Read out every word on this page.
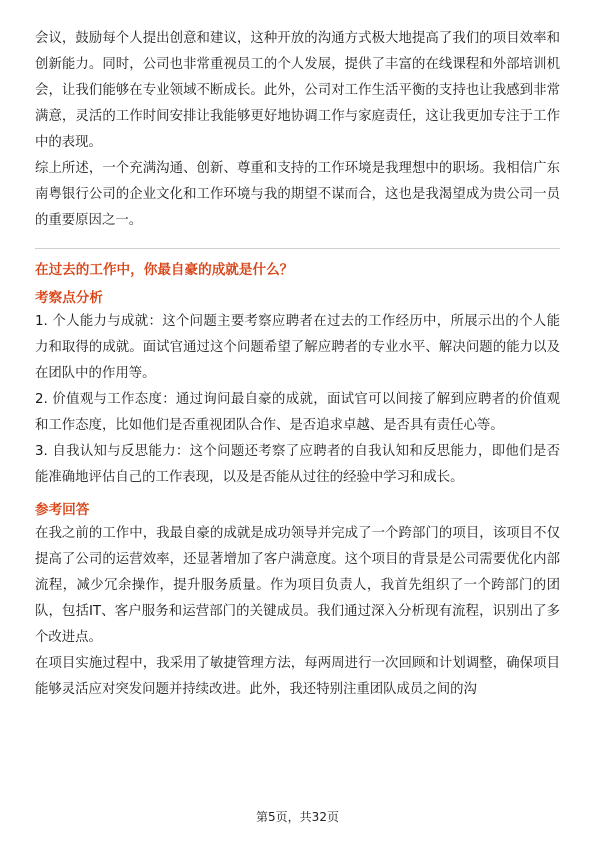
会议，鼓励每个人提出创意和建议，这种开放的沟通方式极大地提高了我们的项目效率和创新能力。同时，公司也非常重视员工的个人发展，提供了丰富的在线课程和外部培训机会，让我们能够在专业领域不断成长。此外，公司对工作生活平衡的支持也让我感到非常满意，灵活的工作时间安排让我能够更好地协调工作与家庭责任，这让我更加专注于工作中的表现。

综上所述，一个充满沟通、创新、尊重和支持的工作环境是我理想中的职场。我相信广东南粤银行公司的企业文化和工作环境与我的期望不谋而合，这也是我渴望成为贵公司一员的重要原因之一。

在过去的工作中，你最自豪的成就是什么？

考察点分析

1. 个人能力与成就：这个问题主要考察应聘者在过去的工作经历中，所展示出的个人能力和取得的成就。面试官通过这个问题希望了解应聘者的专业水平、解决问题的能力以及在团队中的作用等。

2. 价值观与工作态度：通过询问最自豪的成就，面试官可以间接了解到应聘者的价值观和工作态度，比如他们是否重视团队合作、是否追求卓越、是否具有责任心等。

3. 自我认知与反思能力：这个问题还考察了应聘者的自我认知和反思能力，即他们是否能准确地评估自己的工作表现，以及是否能从过往的经验中学习和成长。

参考回答

在我之前的工作中，我最自豪的成就是成功领导并完成了一个跨部门的项目，该项目不仅提高了公司的运营效率，还显著增加了客户满意度。这个项目的背景是公司需要优化内部流程，减少冗余操作，提升服务质量。作为项目负责人，我首先组织了一个跨部门的团队，包括IT、客户服务和运营部门的关键成员。我们通过深入分析现有流程，识别出了多个改进点。

在项目实施过程中，我采用了敏捷管理方法，每两周进行一次回顾和计划调整，确保项目能够灵活应对突发问题并持续改进。此外，我还特别注重团队成员之间的沟

第5页，共32页
